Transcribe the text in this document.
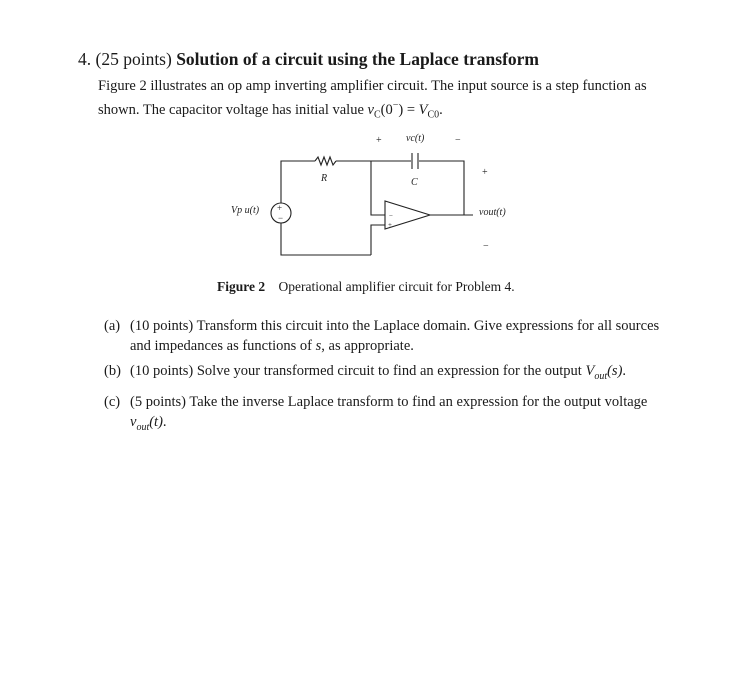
4. (25 points) Solution of a circuit using the Laplace transform
Figure 2 illustrates an op amp inverting amplifier circuit. The input source is a step function as shown. The capacitor voltage has initial value $v_C(0^-) = V_{C0}$.
+ vc(t)	−
R	C
Vp u(t) +
−
+
vout(t)
−
−
+
Figure 2 Operational amplifier circuit for Problem 4.
(a) (10 points) Transform this circuit into the Laplace domain. Give expressions for all sources and impedances as functions of s, as appropriate.
(b) (10 points) Solve your transformed circuit to find an expression for the output $V_{out}(s)$.
(c) (5 points) Take the inverse Laplace transform to find an expression for the output voltage $v_{out}(t)$.
